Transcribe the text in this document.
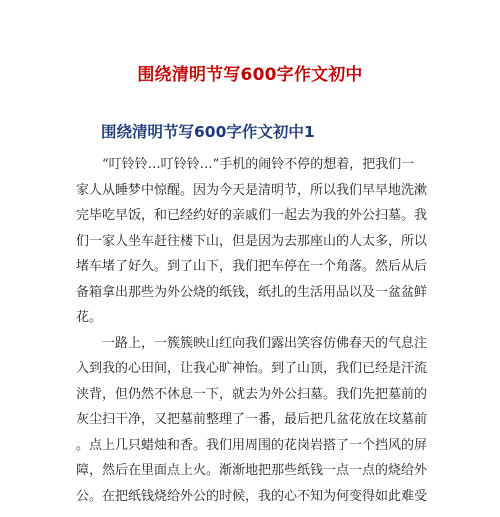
围绕清明节写600字作文初中
围绕清明节写600字作文初中1

“叮铃铃…叮铃铃…”手机的闹铃不停的想着，把我们一
家人从睡梦中惊醒。因为今天是清明节，所以我们早早地洗漱
完毕吃早饭，和已经约好的亲戚们一起去为我的外公扫墓。我
们一家人坐车赶往楼下山，但是因为去那座山的人太多，所以
堵车堵了好久。到了山下，我们把车停在一个角落。然后从后
备箱拿出那些为外公烧的纸钱，纸扎的生活用品以及一盆盆鲜
花。

一路上，一簇簇映山红向我们露出笑容仿佛春天的气息注
入到我的心田间，让我心旷神怡。到了山顶，我们已经是汗流
浃背，但仍然不休息一下，就去为外公扫墓。我们先把墓前的
灰尘扫干净，又把墓前整理了一番，最后把几盆花放在坟墓前
。点上几只蜡烛和香。我们用周围的花岗岩搭了一个挡风的屏
障，然后在里面点上火。渐渐地把那些纸钱一点一点的烧给外
公。在把纸钱烧给外公的时候，我的心不知为何变得如此难受
